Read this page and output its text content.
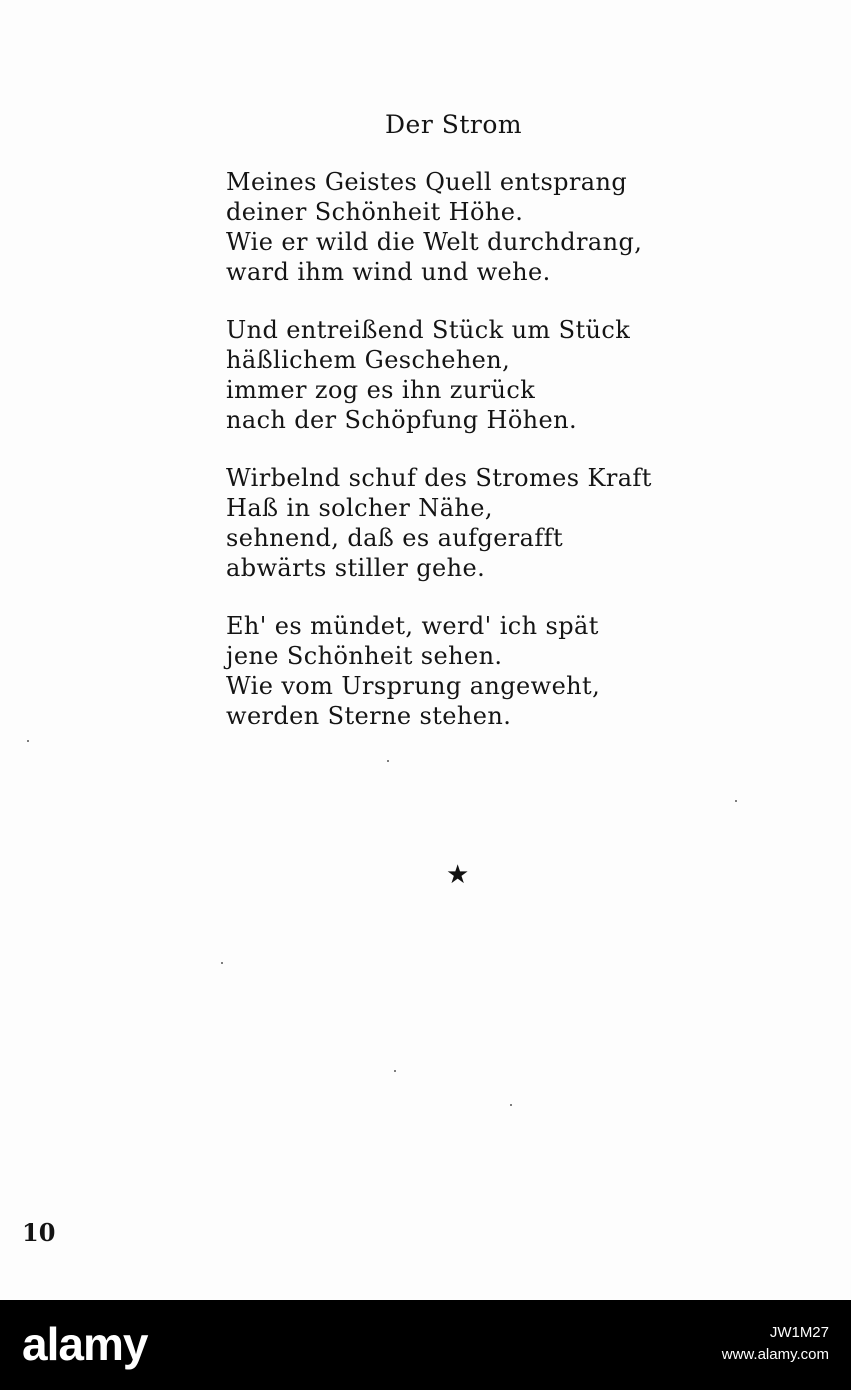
Der Strom
Meines Geistes Quell entsprang
deiner Schönheit Höhe.
Wie er wild die Welt durchdrang,
ward ihm wind und wehe.
Und entreißend Stück um Stück
häßlichem Geschehen,
immer zog es ihn zurück
nach der Schöpfung Höhen.
Wirbelnd schuf des Stromes Kraft
Haß in solcher Nähe,
sehnend, daß es aufgerafft
abwärts stiller gehe.
Eh' es mündet, werd' ich spät
jene Schönheit sehen.
Wie vom Ursprung angeweht,
werden Sterne stehen.
★
10
alamy	JW1M27
www.alamy.com
